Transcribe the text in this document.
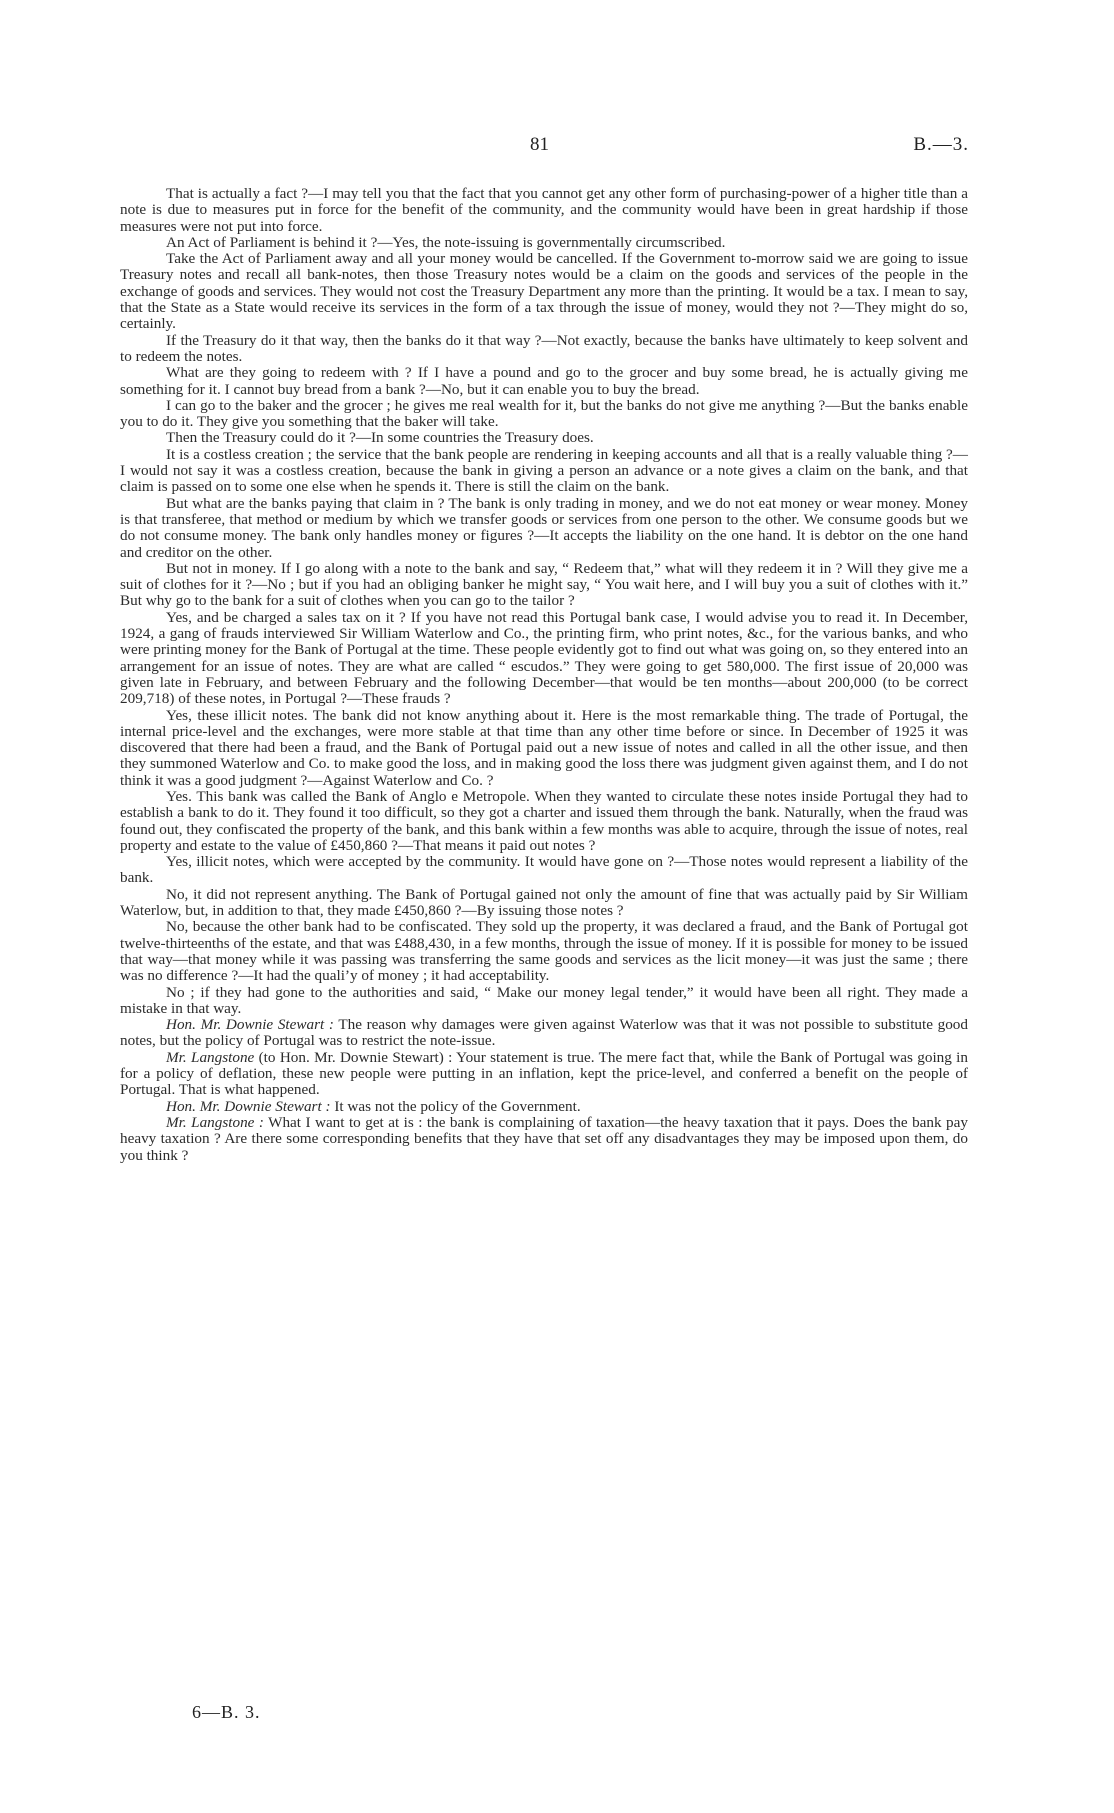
81	B.—3.

That is actually a fact ?—I may tell you that the fact that you cannot get any other form of purchasing-power of a higher title than a note is due to measures put in force for the benefit of the community, and the community would have been in great hardship if those measures were not put into force.

An Act of Parliament is behind it ?—Yes, the note-issuing is governmentally circumscribed.

Take the Act of Parliament away and all your money would be cancelled. If the Government to-morrow said we are going to issue Treasury notes and recall all bank-notes, then those Treasury notes would be a claim on the goods and services of the people in the exchange of goods and services. They would not cost the Treasury Department any more than the printing. It would be a tax. I mean to say, that the State as a State would receive its services in the form of a tax through the issue of money, would they not ?—They might do so, certainly.

If the Treasury do it that way, then the banks do it that way ?—Not exactly, because the banks have ultimately to keep solvent and to redeem the notes.

What are they going to redeem with ? If I have a pound and go to the grocer and buy some bread, he is actually giving me something for it. I cannot buy bread from a bank ?—No, but it can enable you to buy the bread.

I can go to the baker and the grocer ; he gives me real wealth for it, but the banks do not give me anything ?—But the banks enable you to do it. They give you something that the baker will take.

Then the Treasury could do it ?—In some countries the Treasury does.

It is a costless creation ; the service that the bank people are rendering in keeping accounts and all that is a really valuable thing ?—I would not say it was a costless creation, because the bank in giving a person an advance or a note gives a claim on the bank, and that claim is passed on to some one else when he spends it. There is still the claim on the bank.

But what are the banks paying that claim in ? The bank is only trading in money, and we do not eat money or wear money. Money is that transferee, that method or medium by which we transfer goods or services from one person to the other. We consume goods but we do not consume money. The bank only handles money or figures ?—It accepts the liability on the one hand. It is debtor on the one hand and creditor on the other.

But not in money. If I go along with a note to the bank and say, “ Redeem that,” what will they redeem it in ? Will they give me a suit of clothes for it ?—No ; but if you had an obliging banker he might say, “ You wait here, and I will buy you a suit of clothes with it.” But why go to the bank for a suit of clothes when you can go to the tailor ?

Yes, and be charged a sales tax on it ? If you have not read this Portugal bank case, I would advise you to read it. In December, 1924, a gang of frauds interviewed Sir William Waterlow and Co., the printing firm, who print notes, &c., for the various banks, and who were printing money for the Bank of Portugal at the time. These people evidently got to find out what was going on, so they entered into an arrangement for an issue of notes. They are what are called “ escudos.” They were going to get 580,000. The first issue of 20,000 was given late in February, and between February and the following December—that would be ten months—about 200,000 (to be correct 209,718) of these notes, in Portugal ?—These frauds ?

Yes, these illicit notes. The bank did not know anything about it. Here is the most remarkable thing. The trade of Portugal, the internal price-level and the exchanges, were more stable at that time than any other time before or since. In December of 1925 it was discovered that there had been a fraud, and the Bank of Portugal paid out a new issue of notes and called in all the other issue, and then they summoned Waterlow and Co. to make good the loss, and in making good the loss there was judgment given against them, and I do not think it was a good judgment ?—Against Waterlow and Co. ?

Yes. This bank was called the Bank of Anglo e Metropole. When they wanted to circulate these notes inside Portugal they had to establish a bank to do it. They found it too difficult, so they got a charter and issued them through the bank. Naturally, when the fraud was found out, they confiscated the property of the bank, and this bank within a few months was able to acquire, through the issue of notes, real property and estate to the value of £450,860 ?—That means it paid out notes ?

Yes, illicit notes, which were accepted by the community. It would have gone on ?—Those notes would represent a liability of the bank.

No, it did not represent anything. The Bank of Portugal gained not only the amount of fine that was actually paid by Sir William Waterlow, but, in addition to that, they made £450,860 ?—By issuing those notes ?

No, because the other bank had to be confiscated. They sold up the property, it was declared a fraud, and the Bank of Portugal got twelve-thirteenths of the estate, and that was £488,430, in a few months, through the issue of money. If it is possible for money to be issued that way—that money while it was passing was transferring the same goods and services as the licit money—it was just the same ; there was no difference ?—It had the quali’y of money ; it had acceptability.

No ; if they had gone to the authorities and said, “ Make our money legal tender,” it would have been all right. They made a mistake in that way.

Hon. Mr. Downie Stewart : The reason why damages were given against Waterlow was that it was not possible to substitute good notes, but the policy of Portugal was to restrict the note-issue.

Mr. Langstone (to Hon. Mr. Downie Stewart) : Your statement is true. The mere fact that, while the Bank of Portugal was going in for a policy of deflation, these new people were putting in an inflation, kept the price-level, and conferred a benefit on the people of Portugal. That is what happened.

Hon. Mr. Downie Stewart : It was not the policy of the Government.

Mr. Langstone : What I want to get at is : the bank is complaining of taxation—the heavy taxation that it pays. Does the bank pay heavy taxation ? Are there some corresponding benefits that they have that set off any disadvantages they may be imposed upon them, do you think ?

6—B. 3.
